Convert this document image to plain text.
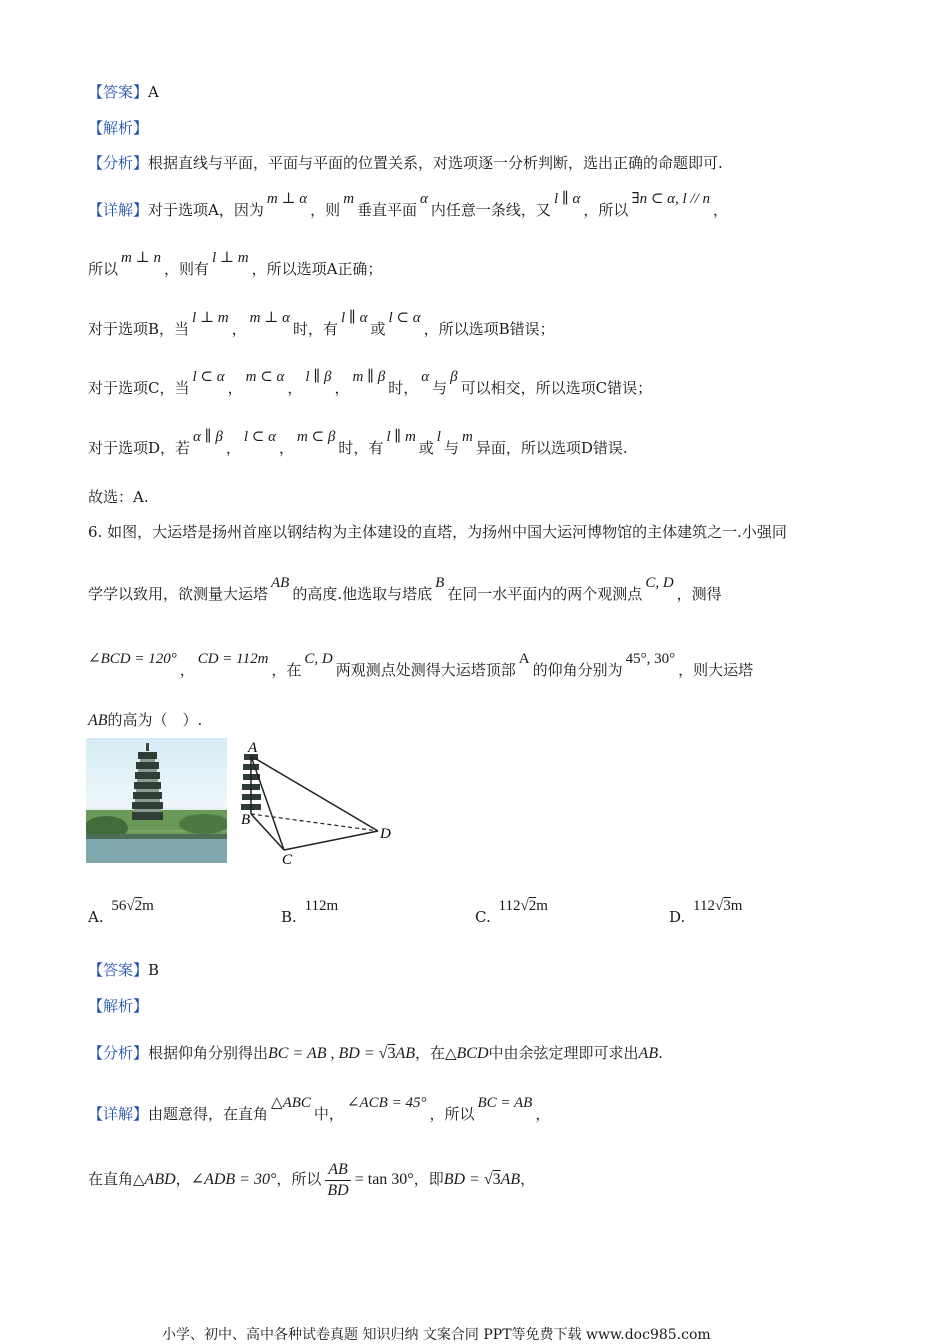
【答案】A
【解析】
【分析】根据直线与平面，平面与平面的位置关系，对选项逐一分析判断，选出正确的命题即可.
【详解】对于选项A，因为m ⊥ α，则m垂直平面α内任意一条线，又l ∥ α，所以∃n ⊂ α, l // n，
所以m ⊥ n，则有l ⊥ m，所以选项A正确；
对于选项B，当l ⊥ m，m ⊥ α时，有l ∥ α或l ⊂ α，所以选项B错误；
对于选项C，当l ⊂ α，m ⊂ α，l ∥ β，m ∥ β时，α与β可以相交，所以选项C错误；
对于选项D，若α ∥ β，l ⊂ α，m ⊂ β时，有l ∥ m或l与m异面，所以选项D错误.
故选：A.
6. 如图，大运塔是扬州首座以钢结构为主体建设的直塔，为扬州中国大运河博物馆的主体建筑之一.小强同
学学以致用，欲测量大运塔AB的高度.他选取与塔底B在同一水平面内的两个观测点C, D，测得
∠BCD = 120°，CD = 112m，在C, D两观测点处测得大运塔顶部A的仰角分别为45°, 30°，则大运塔
AB的高为（　）.
A
B
C
D
A. 56√2m
B. 112m
C. 112√2m
D. 112√3m
【答案】B
【解析】
【分析】根据仰角分别得出BC = AB , BD = √3AB，在△BCD中由余弦定理即可求出AB.
【详解】由题意得，在直角△ABC中，∠ACB = 45°，所以BC = AB，
在直角△ABD，∠ADB = 30°，所以 $\frac{AB}{BD} = \tan 30^\circ$，即BD = √3AB，
小学、初中、高中各种试卷真题 知识归纳 文案合同 PPT等免费下载 www.doc985.com
